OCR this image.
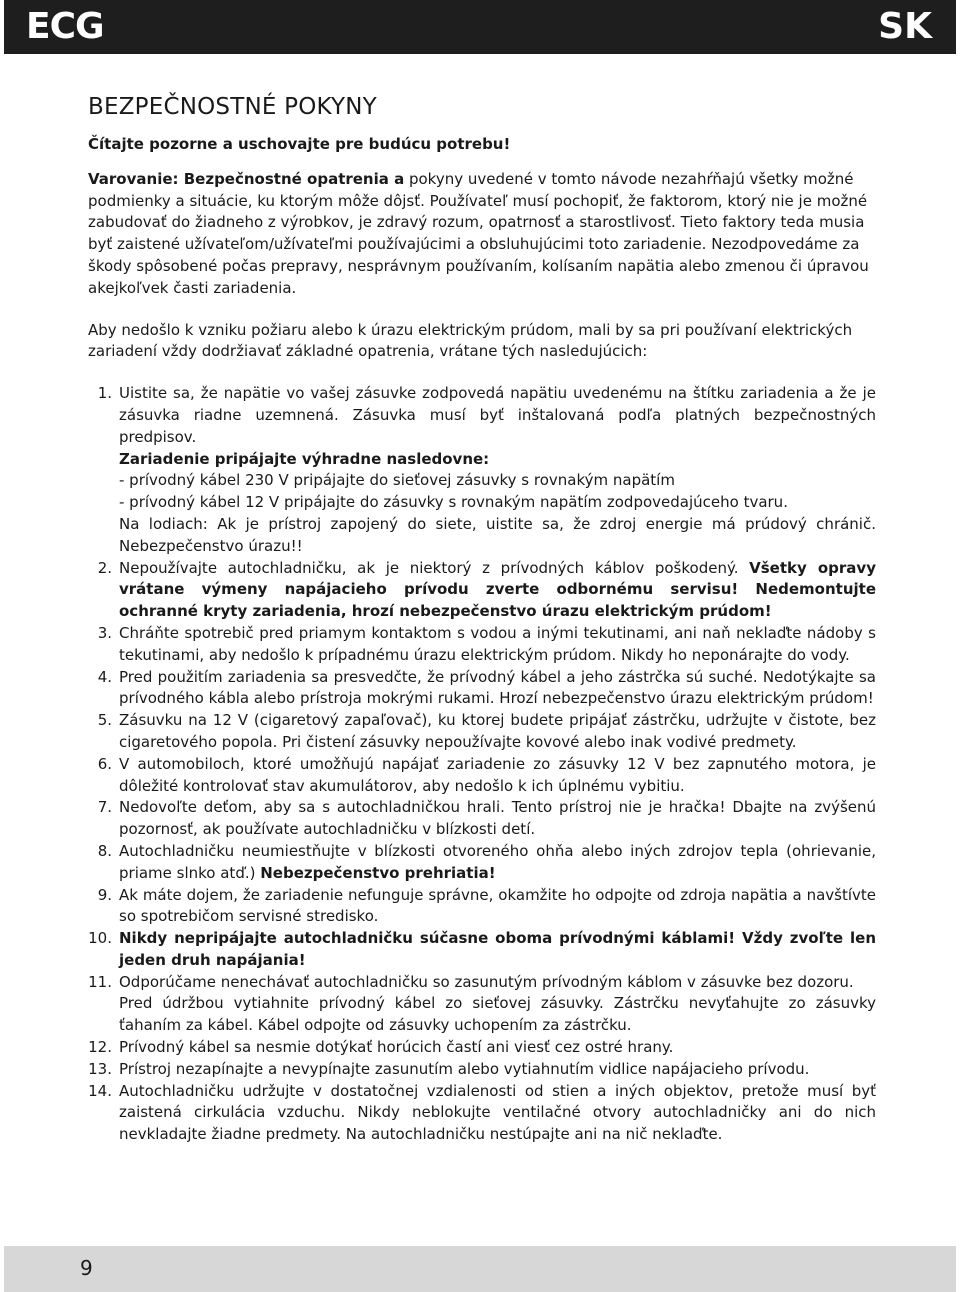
ECG	SK
BEZPEČNOSTNÉ POKYNY

Čítajte pozorne a uschovajte pre budúcu potrebu!

Varovanie: Bezpečnostné opatrenia a pokyny uvedené v tomto návode nezahŕňajú všetky možné podmienky a situácie, ku ktorým môže dôjsť. Používateľ musí pochopiť, že faktorom, ktorý nie je možné zabudovať do žiadneho z výrobkov, je zdravý rozum, opatrnosť a starostlivosť. Tieto faktory teda musia byť zaistené užívateľom/užívateľmi používajúcimi a obsluhujúcimi toto zariadenie. Nezodpovedáme za škody spôsobené počas prepravy, nesprávnym používaním, kolísaním napätia alebo zmenou či úpravou akejkoľvek časti zariadenia.

Aby nedošlo k vzniku požiaru alebo k úrazu elektrickým prúdom, mali by sa pri používaní elektrických zariadení vždy dodržiavať základné opatrenia, vrátane tých nasledujúcich:

1. Uistite sa, že napätie vo vašej zásuvke zodpovedá napätiu uvedenému na štítku zariadenia a že je zásuvka riadne uzemnená. Zásuvka musí byť inštalovaná podľa platných bezpečnostných predpisov.
Zariadenie pripájajte výhradne nasledovne:
- prívodný kábel 230 V pripájajte do sieťovej zásuvky s rovnakým napätím
- prívodný kábel 12 V pripájajte do zásuvky s rovnakým napätím zodpovedajúceho tvaru.
Na lodiach: Ak je prístroj zapojený do siete, uistite sa, že zdroj energie má prúdový chránič. Nebezpečenstvo úrazu!!
2. Nepoužívajte autochladničku, ak je niektorý z prívodných káblov poškodený. Všetky opravy vrátane výmeny napájacieho prívodu zverte odbornému servisu! Nedemontujte ochranné kryty zariadenia, hrozí nebezpečenstvo úrazu elektrickým prúdom!
3. Chráňte spotrebič pred priamym kontaktom s vodou a inými tekutinami, ani naň neklaďte nádoby s tekutinami, aby nedošlo k prípadnému úrazu elektrickým prúdom. Nikdy ho neponárajte do vody.
4. Pred použitím zariadenia sa presvedčte, že prívodný kábel a jeho zástrčka sú suché. Nedotýkajte sa prívodného kábla alebo prístroja mokrými rukami. Hrozí nebezpečenstvo úrazu elektrickým prúdom!
5. Zásuvku na 12 V (cigaretový zapaľovač), ku ktorej budete pripájať zástrčku, udržujte v čistote, bez cigaretového popola. Pri čistení zásuvky nepoužívajte kovové alebo inak vodivé predmety.
6. V automobiloch, ktoré umožňujú napájať zariadenie zo zásuvky 12 V bez zapnutého motora, je dôležité kontrolovať stav akumulátorov, aby nedošlo k ich úplnému vybitiu.
7. Nedovoľte deťom, aby sa s autochladničkou hrali. Tento prístroj nie je hračka! Dbajte na zvýšenú pozornosť, ak používate autochladničku v blízkosti detí.
8. Autochladničku neumiestňujte v blízkosti otvoreného ohňa alebo iných zdrojov tepla (ohrievanie, priame slnko atď.) Nebezpečenstvo prehriatia!
9. Ak máte dojem, že zariadenie nefunguje správne, okamžite ho odpojte od zdroja napätia a navštívte so spotrebičom servisné stredisko.
10. Nikdy nepripájajte autochladničku súčasne oboma prívodnými káblami! Vždy zvoľte len jeden druh napájania!
11. Odporúčame nenechávať autochladničku so zasunutým prívodným káblom v zásuvke bez dozoru.
Pred údržbou vytiahnite prívodný kábel zo sieťovej zásuvky. Zástrčku nevyťahujte zo zásuvky ťahaním za kábel. Kábel odpojte od zásuvky uchopením za zástrčku.
12. Prívodný kábel sa nesmie dotýkať horúcich častí ani viesť cez ostré hrany.
13. Prístroj nezapínajte a nevypínajte zasunutím alebo vytiahnutím vidlice napájacieho prívodu.
14. Autochladničku udržujte v dostatočnej vzdialenosti od stien a iných objektov, pretože musí byť zaistená cirkulácia vzduchu. Nikdy neblokujte ventilačné otvory autochladničky ani do nich nevkladajte žiadne predmety. Na autochladničku nestúpajte ani na nič neklaďte.
9
